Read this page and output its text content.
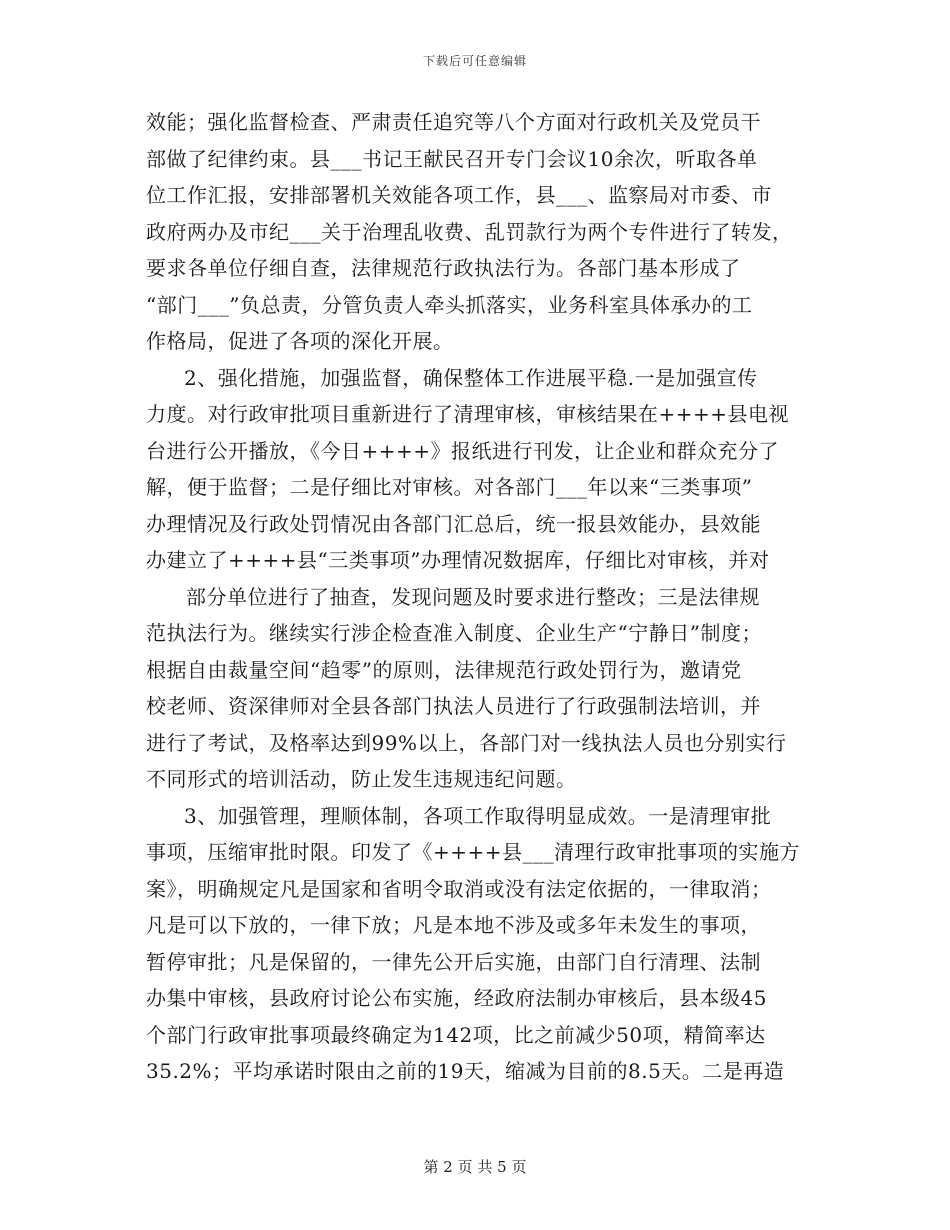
下载后可任意编辑
效能；强化监督检查、严肃责任追究等八个方面对行政机关及党员干
部做了纪律约束。县___书记王献民召开专门会议10余次，听取各单
位工作汇报，安排部署机关效能各项工作，县___、监察局对市委、市
政府两办及市纪___关于治理乱收费、乱罚款行为两个专件进行了转发，
要求各单位仔细自查，法律规范行政执法行为。各部门基本形成了
“部门___”负总责，分管负责人牵头抓落实，业务科室具体承办的工
作格局，促进了各项的深化开展。
2、强化措施，加强监督，确保整体工作进展平稳.一是加强宣传
力度。对行政审批项目重新进行了清理审核，审核结果在++++县电视
台进行公开播放，《今日++++》报纸进行刊发，让企业和群众充分了
解，便于监督；二是仔细比对审核。对各部门___年以来“三类事项”
办理情况及行政处罚情况由各部门汇总后，统一报县效能办，县效能
办建立了++++县“三类事项”办理情况数据库，仔细比对审核，并对
部分单位进行了抽查，发现问题及时要求进行整改；三是法律规
范执法行为。继续实行涉企检查准入制度、企业生产“宁静日”制度；
根据自由裁量空间“趋零”的原则，法律规范行政处罚行为，邀请党
校老师、资深律师对全县各部门执法人员进行了行政强制法培训，并
进行了考试，及格率达到99%以上，各部门对一线执法人员也分别实行
不同形式的培训活动，防止发生违规违纪问题。
3、加强管理，理顺体制，各项工作取得明显成效。一是清理审批
事项，压缩审批时限。印发了《++++县___清理行政审批事项的实施方
案》，明确规定凡是国家和省明令取消或没有法定依据的，一律取消；
凡是可以下放的，一律下放；凡是本地不涉及或多年未发生的事项，
暂停审批；凡是保留的，一律先公开后实施，由部门自行清理、法制
办集中审核，县政府讨论公布实施，经政府法制办审核后，县本级45
个部门行政审批事项最终确定为142项，比之前减少50项，精简率达
35.2%；平均承诺时限由之前的19天，缩减为目前的8.5天。二是再造
第 2 页 共 5 页
